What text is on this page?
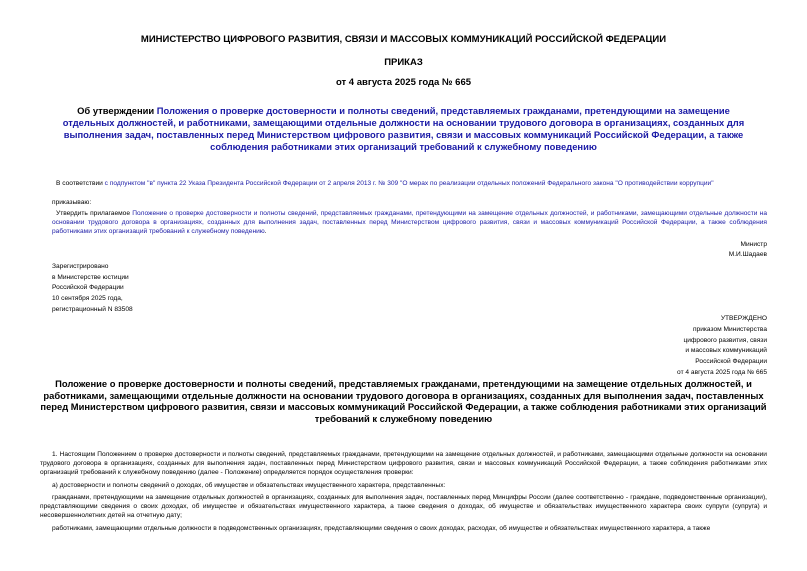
МИНИСТЕРСТВО ЦИФРОВОГО РАЗВИТИЯ, СВЯЗИ И МАССОВЫХ КОММУНИКАЦИЙ РОССИЙСКОЙ ФЕДЕРАЦИИ
ПРИКАЗ
от 4 августа 2025 года № 665
Об утверждении Положения о проверке достоверности и полноты сведений, представляемых гражданами, претендующими на замещение отдельных должностей, и работниками, замещающими отдельные должности на основании трудового договора в организациях, созданных для выполнения задач, поставленных перед Министерством цифрового развития, связи и массовых коммуникаций Российской Федерации, а также соблюдения работниками этих организаций требований к служебному поведению
В соответствии с подпунктом "в" пункта 22 Указа Президента Российской Федерации от 2 апреля 2013 г. № 309 "О мерах по реализации отдельных положений Федерального закона "О противодействии коррупции"
приказываю:
Утвердить прилагаемое Положение о проверке достоверности и полноты сведений, представляемых гражданами, претендующими на замещение отдельных должностей, и работниками, замещающими отдельные должности на основании трудового договора в организациях, созданных для выполнения задач, поставленных перед Министерством цифрового развития, связи и массовых коммуникаций Российской Федерации, а также соблюдения работниками этих организаций требований к служебному поведению.
Министр
М.И.Шадаев
Зарегистрировано
в Министерстве юстиции
Российской Федерации
10 сентября 2025 года,
регистрационный N 83508
УТВЕРЖДЕНО
приказом Министерства
цифрового развития, связи
и массовых коммуникаций
Российской Федерации
от 4 августа 2025 года № 665
Положение о проверке достоверности и полноты сведений, представляемых гражданами, претендующими на замещение отдельных должностей, и работниками, замещающими отдельные должности на основании трудового договора в организациях, созданных для выполнения задач, поставленных перед Министерством цифрового развития, связи и массовых коммуникаций Российской Федерации, а также соблюдения работниками этих организаций требований к служебному поведению

1. Настоящим Положением о проверке достоверности и полноты сведений, представляемых гражданами, претендующими на замещение отдельных должностей, и работниками, замещающими отдельные должности на основании трудового договора в организациях, созданных для выполнения задач, поставленных перед Министерством цифрового развития, связи и массовых коммуникаций Российской Федерации, а также соблюдения работниками этих организаций требований к служебному поведению (далее - Положение) определяется порядок осуществления проверки:

а) достоверности и полноты сведений о доходах, об имуществе и обязательствах имущественного характера, представленных:

гражданами, претендующими на замещение отдельных должностей в организациях, созданных для выполнения задач, поставленных перед Минцифры России (далее соответственно - граждане, подведомственные организации), представляющими сведения о своих доходах, об имуществе и обязательствах имущественного характера, а также сведения о доходах, об имуществе и обязательствах имущественного характера своих супруги (супруга) и несовершеннолетних детей на отчетную дату;

работниками, замещающими отдельные должности в подведомственных организациях, представляющими сведения о своих доходах, расходах, об имуществе и обязательствах имущественного характера, а также
